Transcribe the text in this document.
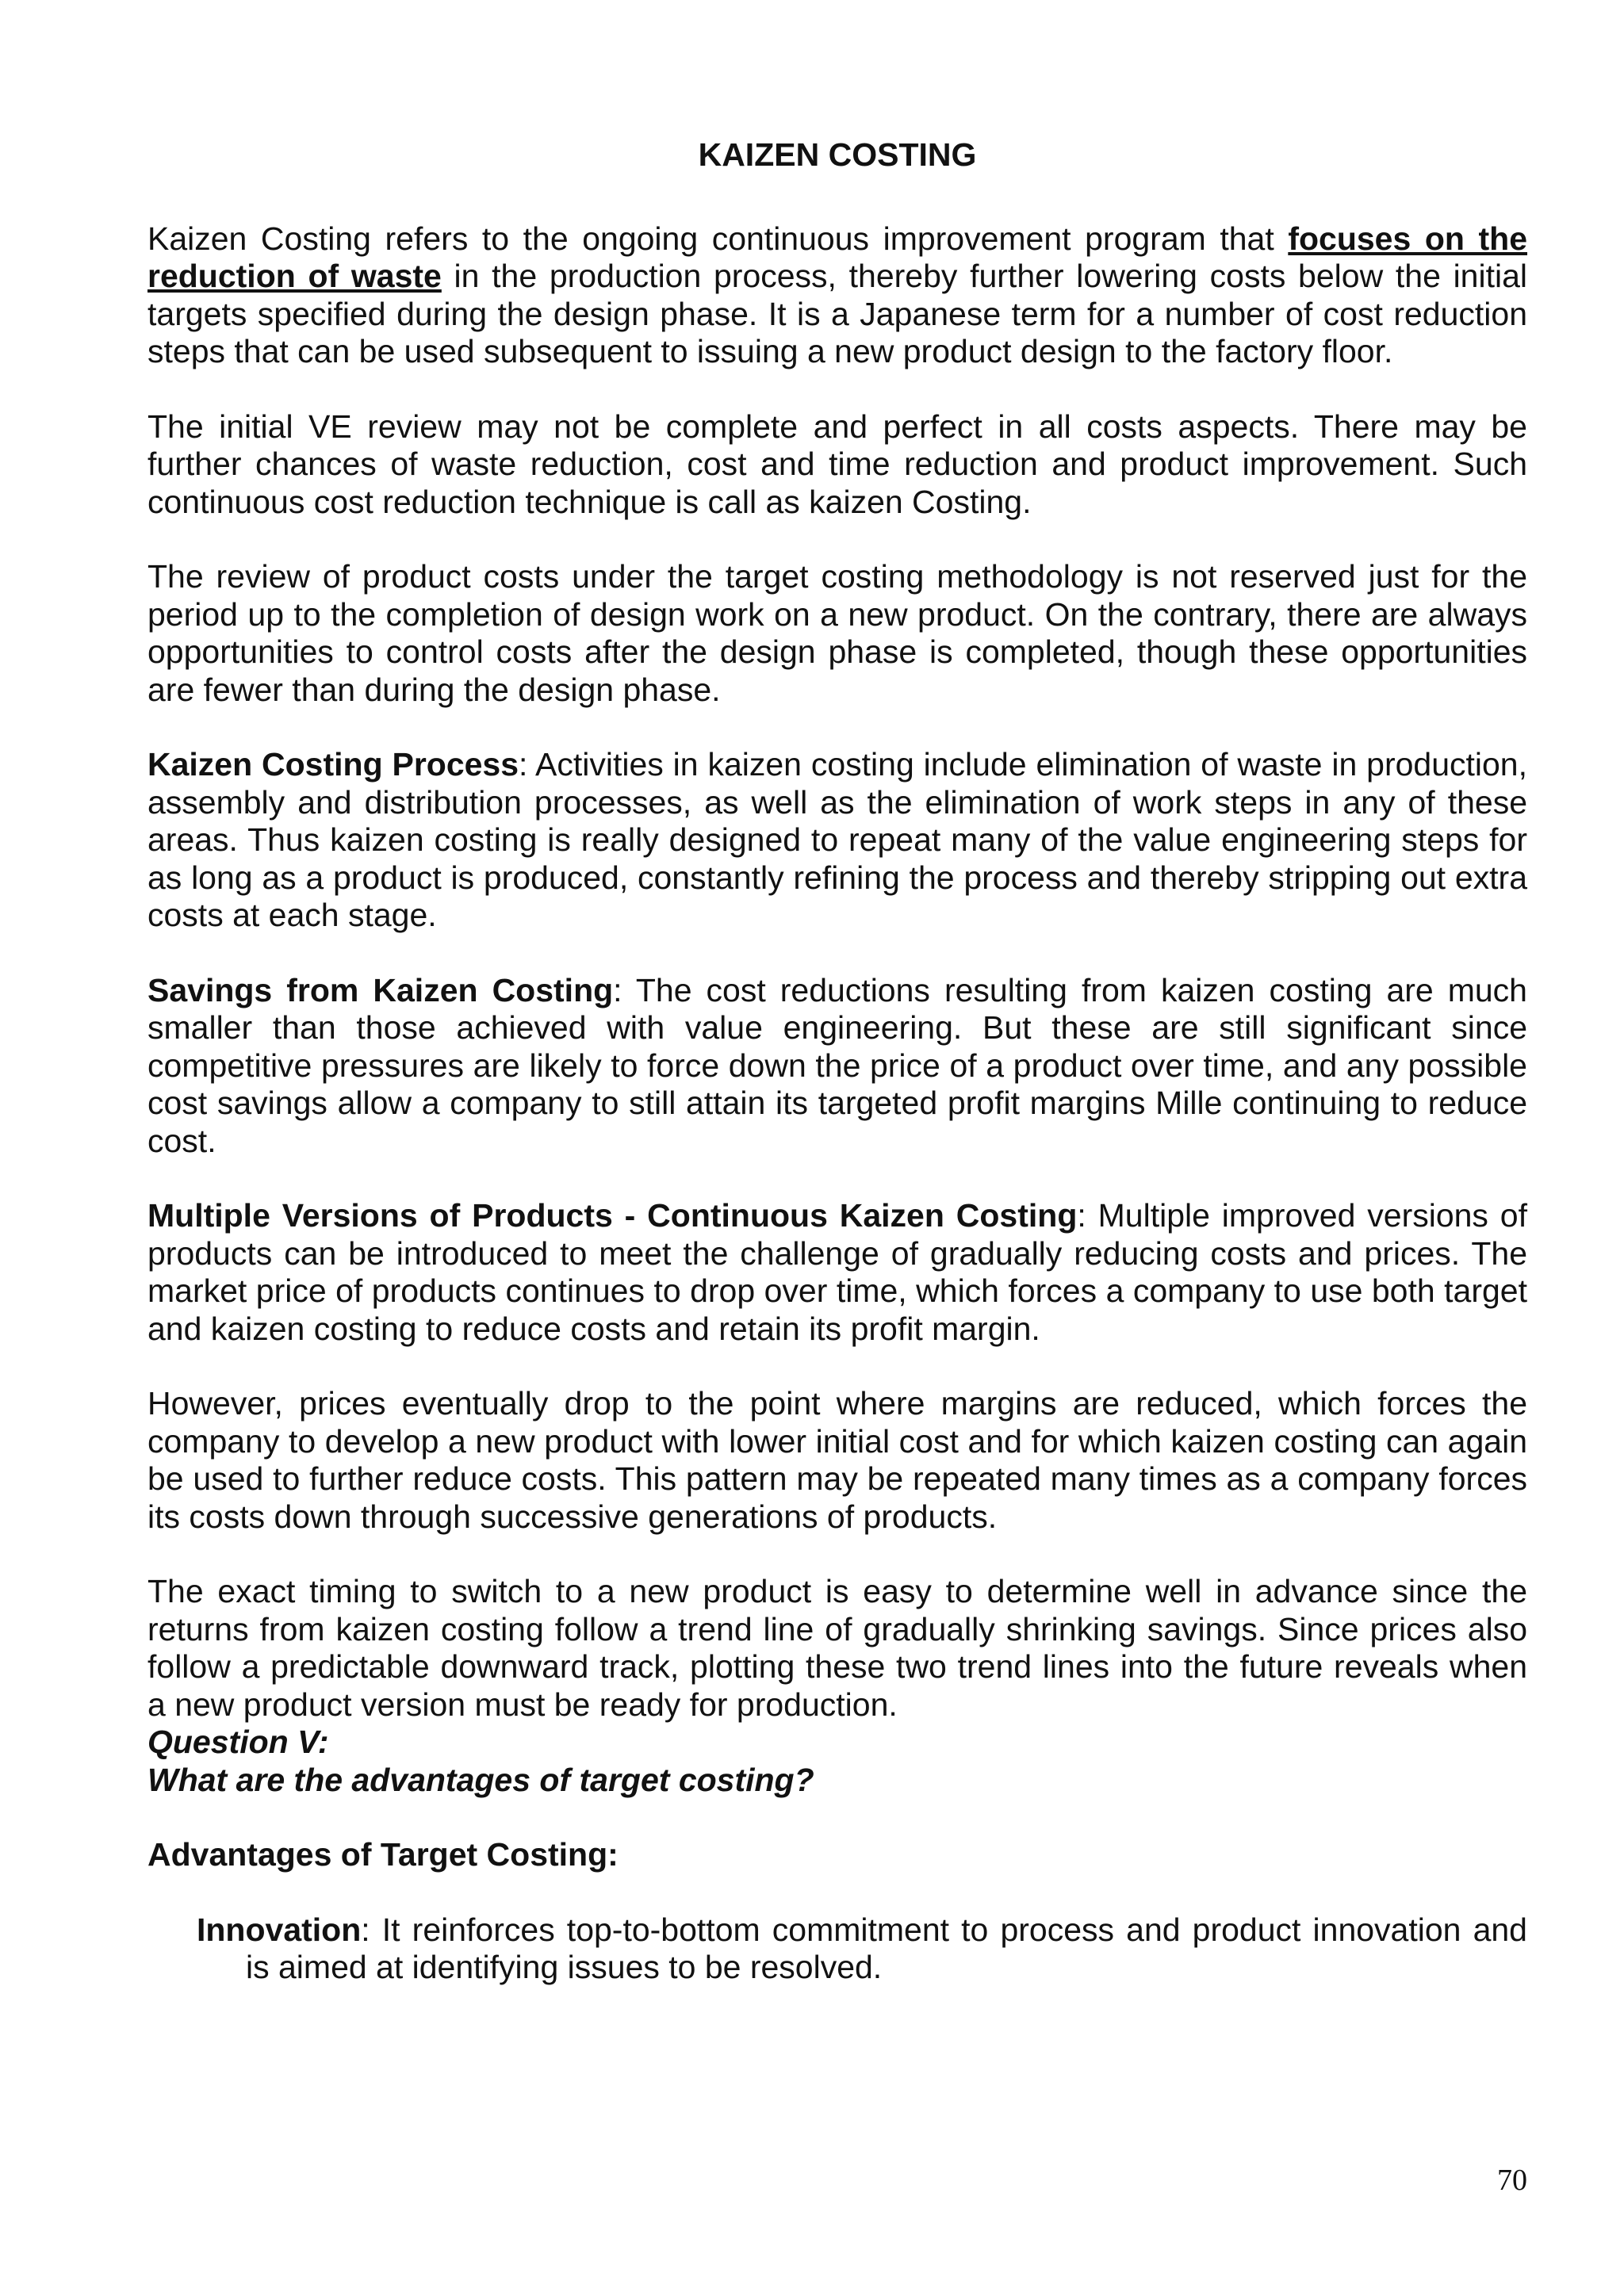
KAIZEN COSTING

Kaizen Costing refers to the ongoing continuous improvement program that focuses on the reduction of waste in the production process, thereby further lowering costs below the initial targets specified during the design phase. It is a Japanese term for a number of cost reduction steps that can be used subsequent to issuing a new product design to the factory floor.

The initial VE review may not be complete and perfect in all costs aspects. There may be further chances of waste reduction, cost and time reduction and product improvement. Such continuous cost reduction technique is call as kaizen Costing.

The review of product costs under the target costing methodology is not reserved just for the period up to the completion of design work on a new product. On the contrary, there are always opportunities to control costs after the design phase is completed, though these opportunities are fewer than during the design phase.

Kaizen Costing Process: Activities in kaizen costing include elimination of waste in production, assembly and distribution processes, as well as the elimination of work steps in any of these areas. Thus kaizen costing is really designed to repeat many of the value engineering steps for as long as a product is produced, constantly refining the process and thereby stripping out extra costs at each stage.

Savings from Kaizen Costing: The cost reductions resulting from kaizen costing are much smaller than those achieved with value engineering. But these are still significant since competitive pressures are likely to force down the price of a product over time, and any possible cost savings allow a company to still attain its targeted profit margins Mille continuing to reduce cost.

Multiple Versions of Products - Continuous Kaizen Costing: Multiple improved versions of products can be introduced to meet the challenge of gradually reducing costs and prices. The market price of products continues to drop over time, which forces a company to use both target and kaizen costing to reduce costs and retain its profit margin.

However, prices eventually drop to the point where margins are reduced, which forces the company to develop a new product with lower initial cost and for which kaizen costing can again be used to further reduce costs. This pattern may be repeated many times as a company forces its costs down through successive generations of products.

The exact timing to switch to a new product is easy to determine well in advance since the returns from kaizen costing follow a trend line of gradually shrinking savings. Since prices also follow a predictable downward track, plotting these two trend lines into the future reveals when a new product version must be ready for production.

Question V:
What are the advantages of target costing?
Advantages of Target Costing:
Innovation: It reinforces top-to-bottom commitment to process and product innovation and is aimed at identifying issues to be resolved.
70
